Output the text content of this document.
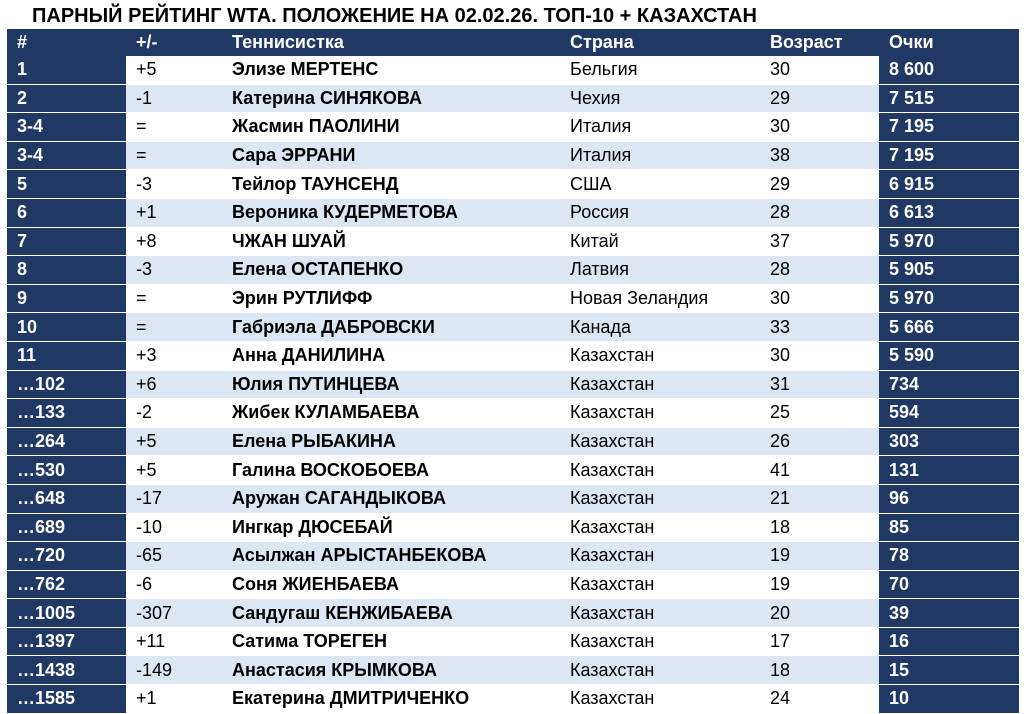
ПАРНЫЙ РЕЙТИНГ WTA. ПОЛОЖЕНИЕ НА 02.02.26. ТОП-10 + КАЗАХСТАН
#	+/-	Теннисистка	Страна	Возраст	Очки
1	+5	Элизе МЕРТЕНС	Бельгия	30	8 600
2	-1	Катерина СИНЯКОВА	Чехия	29	7 515
3-4	=	Жасмин ПАОЛИНИ	Италия	30	7 195
3-4	=	Сара ЭРРАНИ	Италия	38	7 195
5	-3	Тейлор ТАУНСЕНД	США	29	6 915
6	+1	Вероника КУДЕРМЕТОВА	Россия	28	6 613
7	+8	ЧЖАН ШУАЙ	Китай	37	5 970
8	-3	Елена ОСТАПЕНКО	Латвия	28	5 905
9	=	Эрин РУТЛИФФ	Новая Зеландия	30	5 970
10	=	Габриэла ДАБРОВСКИ	Канада	33	5 666
11	+3	Анна ДАНИЛИНА	Казахстан	30	5 590
…102	+6	Юлия ПУТИНЦЕВА	Казахстан	31	734
…133	-2	Жибек КУЛАМБАЕВА	Казахстан	25	594
…264	+5	Елена РЫБАКИНА	Казахстан	26	303
…530	+5	Галина ВОСКОБОЕВА	Казахстан	41	131
…648	-17	Аружан САГАНДЫКОВА	Казахстан	21	96
…689	-10	Ингкар ДЮСЕБАЙ	Казахстан	18	85
…720	-65	Асылжан АРЫСТАНБЕКОВА	Казахстан	19	78
…762	-6	Соня ЖИЕНБАЕВА	Казахстан	19	70
…1005	-307	Сандугаш КЕНЖИБАЕВА	Казахстан	20	39
…1397	+11	Сатима ТОРЕГЕН	Казахстан	17	16
…1438	-149	Анастасия КРЫМКОВА	Казахстан	18	15
…1585	+1	Екатерина ДМИТРИЧЕНКО	Казахстан	24	10
